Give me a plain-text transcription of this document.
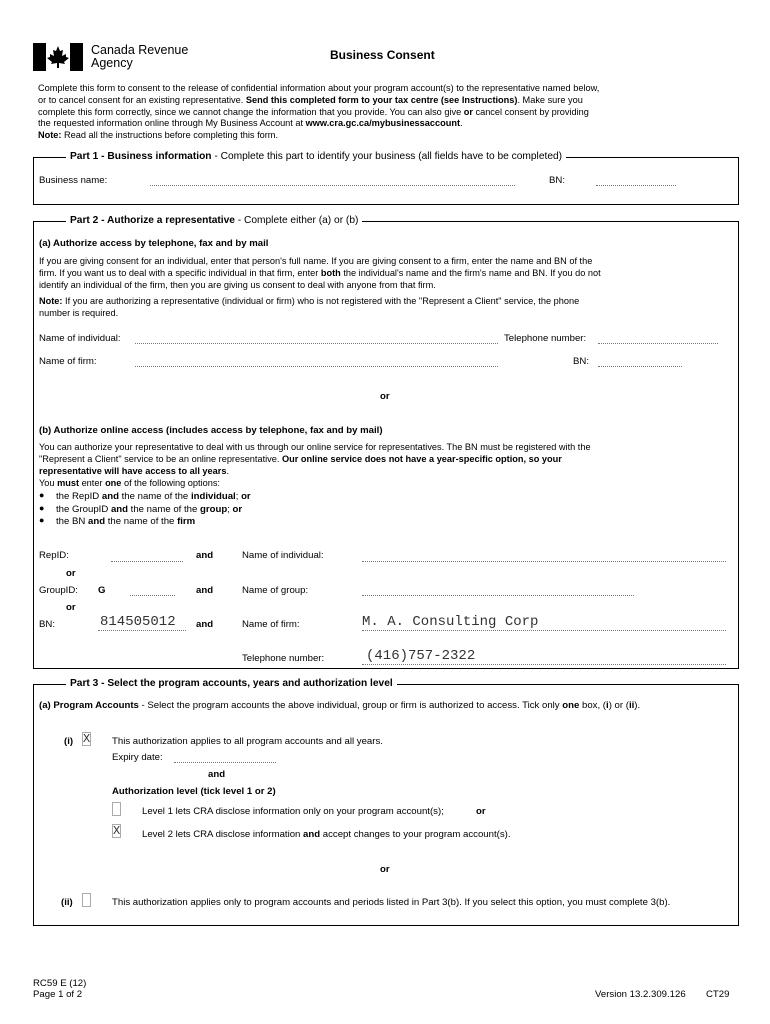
Canada Revenue
Agency
Business Consent
Complete this form to consent to the release of confidential information about your program account(s) to the representative named below,
or to cancel consent for an existing representative. Send this completed form to your tax centre (see Instructions). Make sure you
complete this form correctly, since we cannot change the information that you provide. You can also give or cancel consent by providing
the requested information online through My Business Account at www.cra.gc.ca/mybusinessaccount.
Note: Read all the instructions before completing this form.
Part 1 - Business information - Complete this part to identify your business (all fields have to be completed)
Business name:	BN:
Part 2 - Authorize a representative - Complete either (a) or (b)
(a) Authorize access by telephone, fax and by mail
If you are giving consent for an individual, enter that person's full name. If you are giving consent to a firm, enter the name and BN of the
firm. If you want us to deal with a specific individual in that firm, enter both the individual's name and the firm's name and BN. If you do not
identify an individual of the firm, then you are giving us consent to deal with anyone from that firm.
Note: If you are authorizing a representative (individual or firm) who is not registered with the "Represent a Client" service, the phone
number is required.
Name of individual:	Telephone number:
Name of firm:	BN:
or
(b) Authorize online access (includes access by telephone, fax and by mail)
You can authorize your representative to deal with us through our online service for representatives. The BN must be registered with the
"Represent a Client" service to be an online representative. Our online service does not have a year-specific option, so your
representative will have access to all years.
You must enter one of the following options:
● the RepID and the name of the individual; or
● the GroupID and the name of the group; or
● the BN and the name of the firm
RepID:	and	Name of individual:
or
GroupID: G	and	Name of group:
or
BN:	814505012 and	Name of firm:	M. A. Consulting Corp
Telephone number:	(416)757-2322
Part 3 - Select the program accounts, years and authorization level
(a) Program Accounts - Select the program accounts the above individual, group or firm is authorized to access. Tick only one box, (i) or (ii).
(i) X This authorization applies to all program accounts and all years.
Expiry date:
and
Authorization level (tick level 1 or 2)
Level 1 lets CRA disclose information only on your program account(s);	or
X Level 2 lets CRA disclose information and accept changes to your program account(s).
or
(ii)	This authorization applies only to program accounts and periods listed in Part 3(b). If you select this option, you must complete 3(b).
RC59 E (12)
Page 1 of 2	Version 13.2.309.126 CT29
